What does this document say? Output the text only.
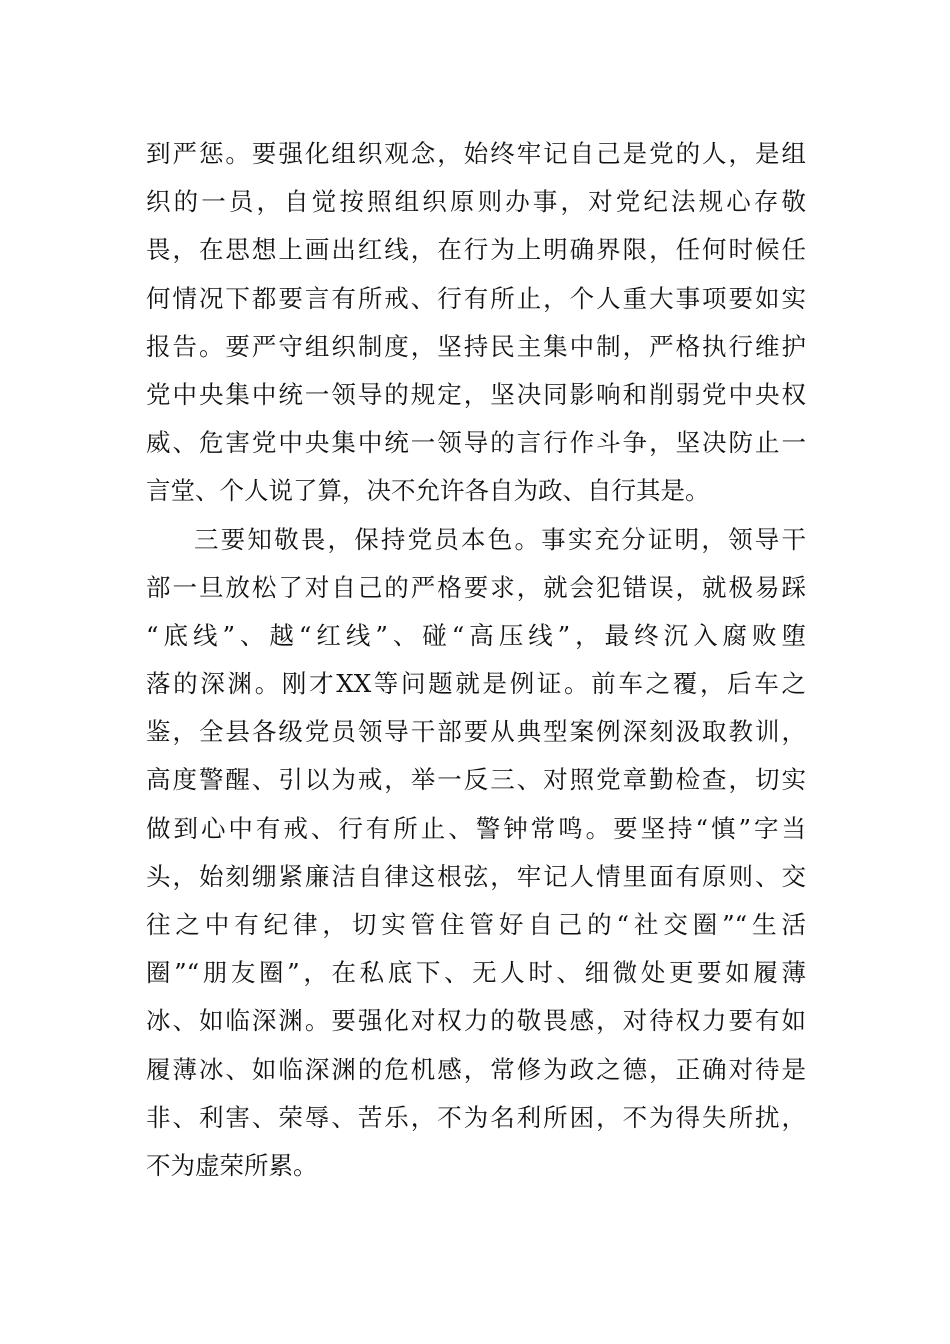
到严惩。要强化组织观念，始终牢记自己是党的人，是组
织的一员，自觉按照组织原则办事，对党纪法规心存敬
畏，在思想上画出红线，在行为上明确界限，任何时候任
何情况下都要言有所戒、行有所止，个人重大事项要如实
报告。要严守组织制度，坚持民主集中制，严格执行维护
党中央集中统一领导的规定，坚决同影响和削弱党中央权
威、危害党中央集中统一领导的言行作斗争，坚决防止一
言堂、个人说了算，决不允许各自为政、自行其是。
三要知敬畏，保持党员本色。事实充分证明，领导干
部一旦放松了对自己的严格要求，就会犯错误，就极易踩
“底线”、越“红线”、碰“高压线”，最终沉入腐败堕
落的深渊。刚才XX等问题就是例证。前车之覆，后车之
鉴，全县各级党员领导干部要从典型案例深刻汲取教训，
高度警醒、引以为戒，举一反三、对照党章勤检查，切实
做到心中有戒、行有所止、警钟常鸣。要坚持“慎”字当
头，始刻绷紧廉洁自律这根弦，牢记人情里面有原则、交
往之中有纪律，切实管住管好自己的“社交圈”“生活
圈”“朋友圈”，在私底下、无人时、细微处更要如履薄
冰、如临深渊。要强化对权力的敬畏感，对待权力要有如
履薄冰、如临深渊的危机感，常修为政之德，正确对待是
非、利害、荣辱、苦乐，不为名利所困，不为得失所扰，
不为虚荣所累。
